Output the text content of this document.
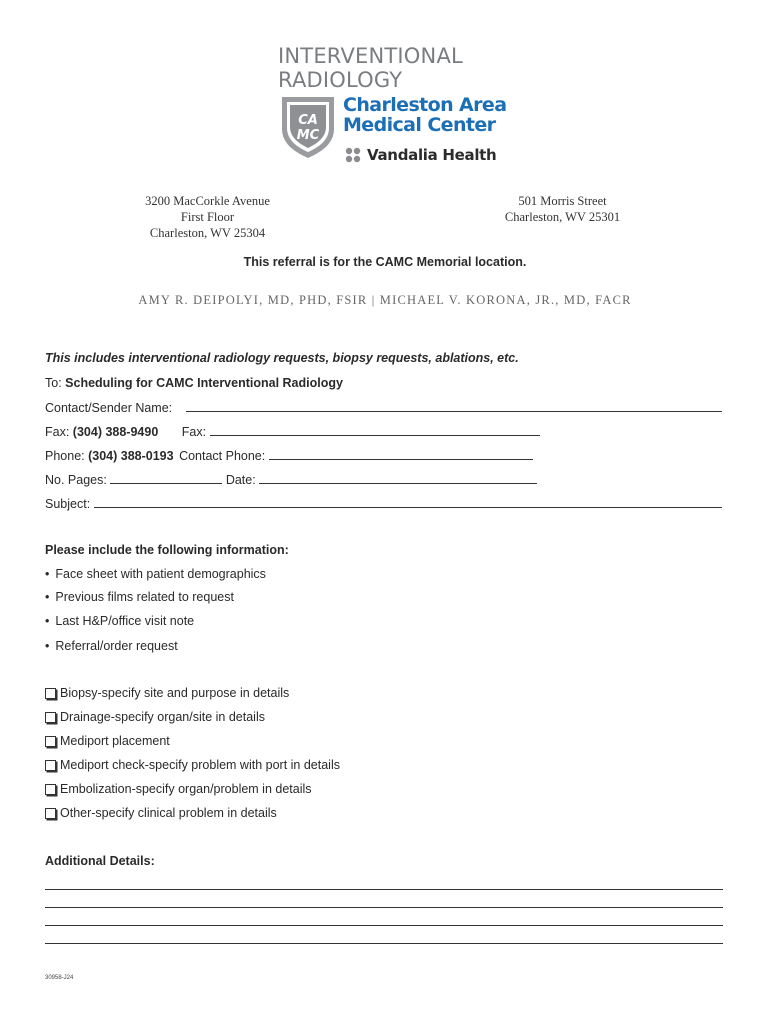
INTERVENTIONAL
RADIOLOGY
CA
MC
Charleston Area
Medical Center
Vandalia Health
3200 MacCorkle Avenue
First Floor
Charleston, WV 25304
501 Morris Street
Charleston, WV 25301
This referral is for the CAMC Memorial location.
AMY R. DEIPOLYI, MD, PHD, FSIR | MICHAEL V. KORONA, JR., MD, FACR
This includes interventional radiology requests, biopsy requests, ablations, etc.
To: Scheduling for CAMC Interventional Radiology
Contact/Sender Name:
Fax: (304) 388-9490 Fax:
Phone: (304) 388-0193 Contact Phone:
No. Pages:	Date:
Subject:
Please include the following information:
• Face sheet with patient demographics
• Previous films related to request
• Last H&P/office visit note
• Referral/order request
Biopsy-specify site and purpose in details
Drainage-specify organ/site in details
Mediport placement
Mediport check-specify problem with port in details
Embolization-specify organ/problem in details
Other-specify clinical problem in details
Additional Details:
30958-J24
